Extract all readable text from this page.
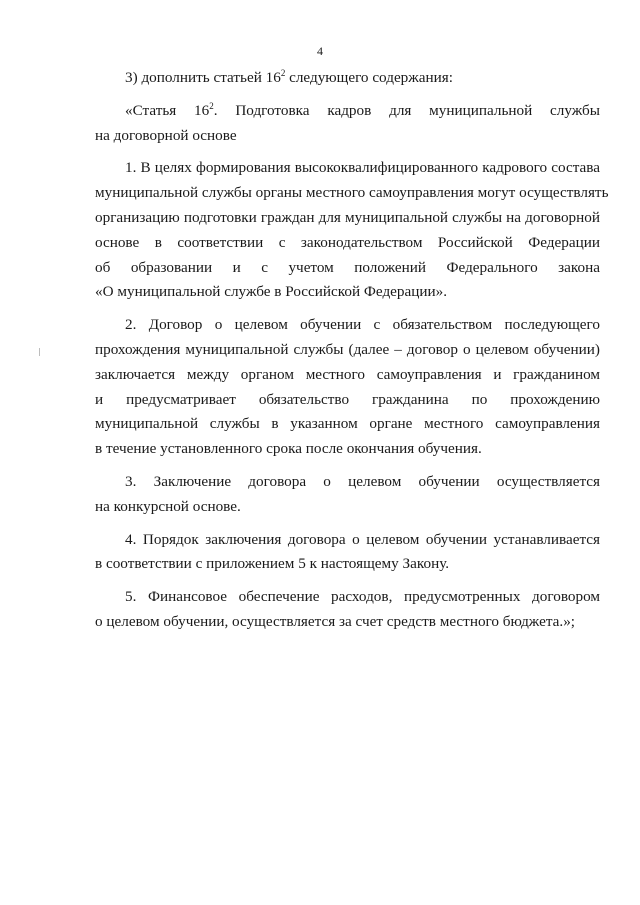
4

3) дополнить статьей $16^2$ следующего содержания:

«Статья $16^2$. Подготовка кадров для муниципальной службы
на договорной основе

1. В целях формирования высококвалифицированного кадрового состава
муниципальной службы органы местного самоуправления могут осуществлять
организацию подготовки граждан для муниципальной службы на договорной
основе в соответствии с законодательством Российской Федерации
об образовании и с учетом положений Федерального закона
«О муниципальной службе в Российской Федерации».

2. Договор о целевом обучении с обязательством последующего
прохождения муниципальной службы (далее – договор о целевом обучении)
заключается между органом местного самоуправления и гражданином
и предусматривает обязательство гражданина по прохождению
муниципальной службы в указанном органе местного самоуправления
в течение установленного срока после окончания обучения.

3. Заключение договора о целевом обучении осуществляется
на конкурсной основе.

4. Порядок заключения договора о целевом обучении устанавливается
в соответствии с приложением 5 к настоящему Закону.

5. Финансовое обеспечение расходов, предусмотренных договором
о целевом обучении, осуществляется за счет средств местного бюджета.»;
